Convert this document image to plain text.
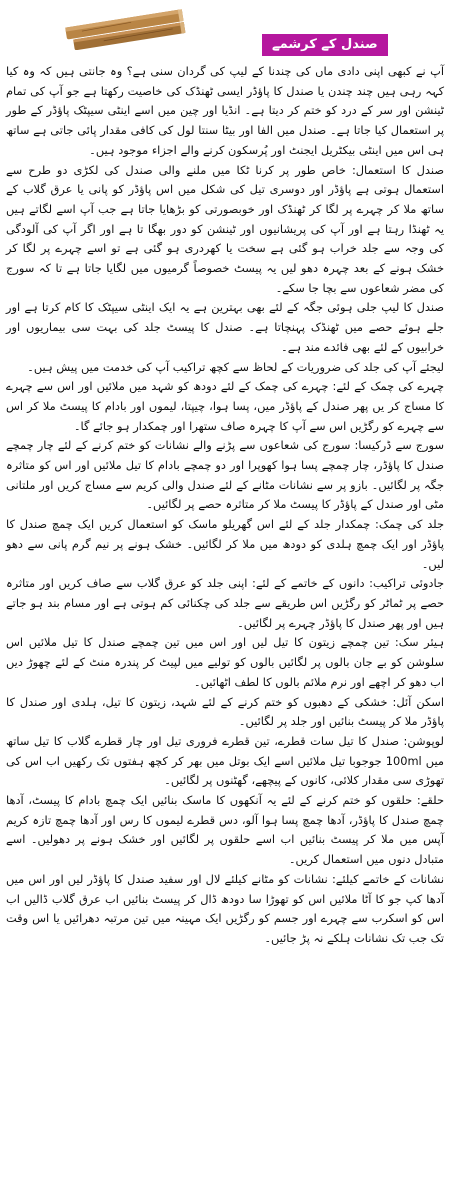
صندل کے کرشمے

آپ نے کبھی اپنی دادی ماں کی چندنا کے لیپ کی گردان سنی ہے؟ وہ جانتی ہیں کہ وہ کیا کہہ رہی ہیں چند چندن یا صندل کا پاؤڈر ایسی ٹھنڈک کی خاصیت رکھتا ہے جو آپ کی تمام ٹینشن اور سر کے درد کو ختم کر دیتا ہے۔ انڈیا اور چین میں اسے اینٹی سیپٹک پاؤڈر کے طور پر استعمال کیا جاتا ہے۔ صندل میں الفا اور بیٹا سنتا لول کی کافی مقدار پائی جاتی ہے ساتھ ہی اس میں اینٹی بیکٹریل ایجنٹ اور پُرسکون کرنے والے اجزاء موجود ہیں۔

صندل کا استعمال: خاص طور پر کرنا ٹکا میں ملنے والی صندل کی لکڑی دو طرح سے استعمال ہوتی ہے پاؤڈر اور دوسری تیل کی شکل میں اس پاؤڈر کو پانی یا عرق گلاب کے ساتھ ملا کر چہرے پر لگا کر ٹھنڈک اور خوبصورتی کو بڑھایا جاتا ہے جب آپ اسے لگاتے ہیں یہ ٹھنڈا رہتا ہے اور آپ کی پریشانیوں اور ٹینشن کو دور بھگا تا ہے اور اگر آپ کی آلودگی کی وجہ سے جلد خراب ہو گئی ہے سخت یا کھردری ہو گئی ہے تو اسے چہرے پر لگا کر خشک ہونے کے بعد چہرہ دھو لیں یہ پیسٹ خصوصاً گرمیوں میں لگایا جاتا ہے تا کہ سورج کی مضر شعاعوں سے بچا جا سکے۔

صندل کا لیپ جلی ہوئی جگہ کے لئے بھی بہترین ہے یہ ایک اینٹی سیپٹک کا کام کرتا ہے اور جلے ہوئے حصے میں ٹھنڈک پہنچاتا ہے۔ صندل کا پیسٹ جلد کی بہت سی بیماریوں اور خرابیوں کے لئے بھی فائدے مند ہے۔

لیجئے آپ کی جلد کی ضروریات کے لحاظ سے کچھ تراکیب آپ کی خدمت میں پیش ہیں۔

چہرے کی چمک کے لئے: چہرے کی چمک کے لئے دودھ کو شہد میں ملائیں اور اس سے چہرے کا مساج کر یں پھر صندل کے پاؤڈر میں، پسا ہوا، چیپتا، لیموں اور بادام کا پیسٹ ملا کر اس سے چہرے کو رگڑیں اس سے آپ کا چہرہ صاف ستھرا اور چمکدار ہو جائے گا۔

سورج سے ڈرکیسا: سورج کی شعاعوں سے پڑنے والے نشانات کو ختم کرنے کے لئے چار چمچے صندل کا پاؤڈر، چار چمچے پسا ہوا کھوپرا اور دو چمچے بادام کا تیل ملائیں اور اس کو متاثرہ جگہ پر لگائیں۔ بازو پر سے نشانات مٹانے کے لئے صندل والی کریم سے مساج کریں اور ملتانی مٹی اور صندل کے پاؤڈر کا پیسٹ ملا کر متاثرہ حصے پر لگائیں۔

جلد کی چمک: چمکدار جلد کے لئے اس گھریلو ماسک کو استعمال کریں ایک چمچ صندل کا پاؤڈر اور ایک چمچ ہلدی کو دودھ میں ملا کر لگائیں۔ خشک ہونے پر نیم گرم پانی سے دھو لیں۔

جادوئی تراکیب: دانوں کے خاتمے کے لئے: اپنی جلد کو عرق گلاب سے صاف کریں اور متاثرہ حصے پر ٹماٹر کو رگڑیں اس طریقے سے جلد کی چکنائی کم ہوتی ہے اور مسام بند ہو جاتے ہیں اور پھر صندل کا پاؤڈر چہرے پر لگائیں۔

ہیئر سک: تین چمچے زیتون کا تیل لیں اور اس میں تین چمچے صندل کا تیل ملائیں اس سلوشن کو بے جان بالوں پر لگائیں بالوں کو تولیے میں لپیٹ کر پندرہ منٹ کے لئے چھوڑ دیں اب دھو کر اچھے اور نرم ملائم بالوں کا لطف اٹھائیں۔

اسکن آئل: خشکی کے دھبوں کو ختم کرنے کے لئے شہد، زیتون کا تیل، ہلدی اور صندل کا پاؤڈر ملا کر پیسٹ بنائیں اور جلد پر لگائیں۔

لوپوشن: صندل کا تیل سات قطرے، تین قطرے فروری تیل اور چار قطرے گلاب کا تیل ساتھ میں 100ml جوجوبا تیل ملائیں اسے ایک بوتل میں بھر کر کچھ ہفتوں تک رکھیں اب اس کی تھوڑی سی مقدار کلائی، کانوں کے پیچھے، گھٹنوں پر لگائیں۔

حلقے: حلقوں کو ختم کرنے کے لئے یہ آنکھوں کا ماسک بنائیں ایک چمچ بادام کا پیسٹ، آدھا چمچ صندل کا پاؤڈر، آدھا چمچ پسا ہوا آلو، دس قطرے لیموں کا رس اور آدھا چمچ تازہ کریم آپس میں ملا کر پیسٹ بنائیں اب اسے حلقوں پر لگائیں اور خشک ہونے پر دھولیں۔ اسے متبادل دنوں میں استعمال کریں۔

نشانات کے خاتمے کیلئے: نشانات کو مٹانے کیلئے لال اور سفید صندل کا پاؤڈر لیں اور اس میں آدھا کپ جو کا آٹا ملائیں اس کو تھوڑا سا دودھ ڈال کر پیسٹ بنائیں اب عرق گلاب ڈالیں اب اس کو اسکرب سے چہرے اور جسم کو رگڑیں ایک مہینہ میں تین مرتبہ دھرائیں یا اس وقت تک جب تک نشانات ہلکے نہ پڑ جائیں۔
